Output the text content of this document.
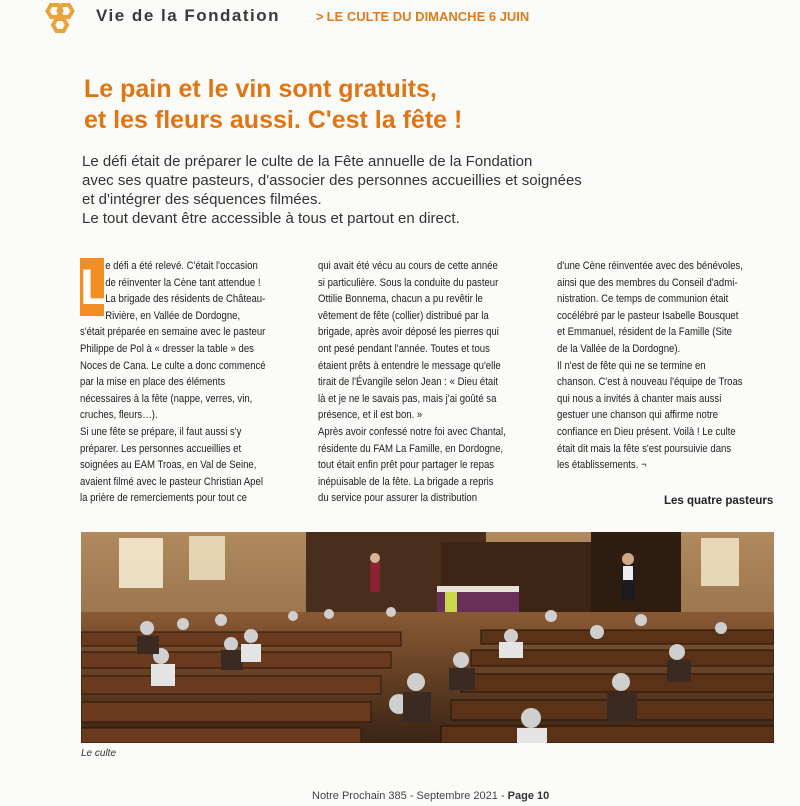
Vie de la Fondation	> LE CULTE DU DIMANCHE 6 JUIN
Le pain et le vin sont gratuits,
et les fleurs aussi. C'est la fête !
Le défi était de préparer le culte de la Fête annuelle de la Fondation
avec ses quatre pasteurs, d'associer des personnes accueillies et soignées
et d'intégrer des séquences filmées.
Le tout devant être accessible à tous et partout en direct.
L
e défi a été relevé. C'était l'occasion
de réinventer la Cène tant attendue !
La brigade des résidents de Château-
Rivière, en Vallée de Dordogne,
s'était préparée en semaine avec le pasteur
Philippe de Pol à « dresser la table » des
Noces de Cana. Le culte a donc commencé
par la mise en place des éléments
nécessaires à la fête (nappe, verres, vin,
cruches, fleurs…).
Si une fête se prépare, il faut aussi s'y
préparer. Les personnes accueillies et
soignées au EAM Troas, en Val de Seine,
avaient filmé avec le pasteur Christian Apel
la prière de remerciements pour tout ce
qui avait été vécu au cours de cette année
si particulière. Sous la conduite du pasteur
Ottilie Bonnema, chacun a pu revêtir le
vêtement de fête (collier) distribué par la
brigade, après avoir déposé les pierres qui
ont pesé pendant l'année. Toutes et tous
étaient prêts à entendre le message qu'elle
tirait de l'Évangile selon Jean : « Dieu était
là et je ne le savais pas, mais j'ai goûté sa
présence, et il est bon. »
Après avoir confessé notre foi avec Chantal,
résidente du FAM La Famille, en Dordogne,
tout était enfin prêt pour partager le repas
inépuisable de la fête. La brigade a repris
du service pour assurer la distribution
d'une Cène réinventée avec des bénévoles,
ainsi que des membres du Conseil d'admi-
nistration. Ce temps de communion était
cocélébré par le pasteur Isabelle Bousquet
et Emmanuel, résident de la Famille (Site
de la Vallée de la Dordogne).
Il n'est de fête qui ne se termine en
chanson. C'est à nouveau l'équipe de Troas
qui nous a invités à chanter mais aussi
gestuer une chanson qui affirme notre
confiance en Dieu présent. Voilà ! Le culte
était dit mais la fête s'est poursuivie dans
les établissements. ¬
Les quatre pasteurs
Le culte
Notre Prochain 385 - Septembre 2021 - Page 10
